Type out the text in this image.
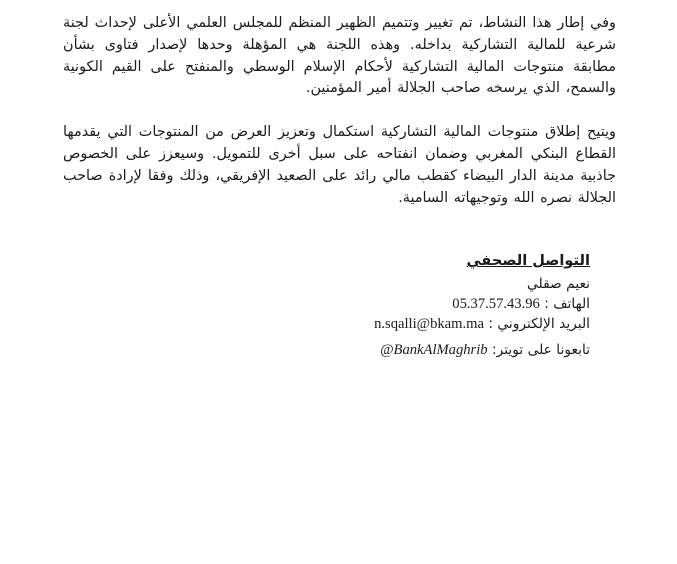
وفي إطار هذا النشاط، تم تغيير وتتميم الظهير المنظم للمجلس العلمي الأعلى لإحداث لجنة شرعية للمالية التشاركية بداخله. وهذه اللجنة هي المؤهلة وحدها لإصدار فتاوى بشأن مطابقة منتوجات المالية التشاركية لأحكام الإسلام الوسطي والمنفتح على القيم الكونية والسمح، الذي يرسخه صاحب الجلالة أمير المؤمنين.

ويتيح إطلاق منتوجات المالية التشاركية استكمال وتعزيز العرض من المنتوجات التي يقدمها القطاع البنكي المغربي وضمان انفتاحه على سبل أخرى للتمويل. وسيعزز على الخصوص جاذبية مدينة الدار البيضاء كقطب مالي رائد على الصعيد الإفريقي، وذلك وفقا لإرادة صاحب الجلالة نصره الله وتوجيهاته السامية.

التواصل الصحفي
نعيم صقلي
الهاتف : 05.37.57.43.96
البريد الإلكتروني : n.sqalli@bkam.ma
تابعونا على تويتر: @BankAlMaghrib
